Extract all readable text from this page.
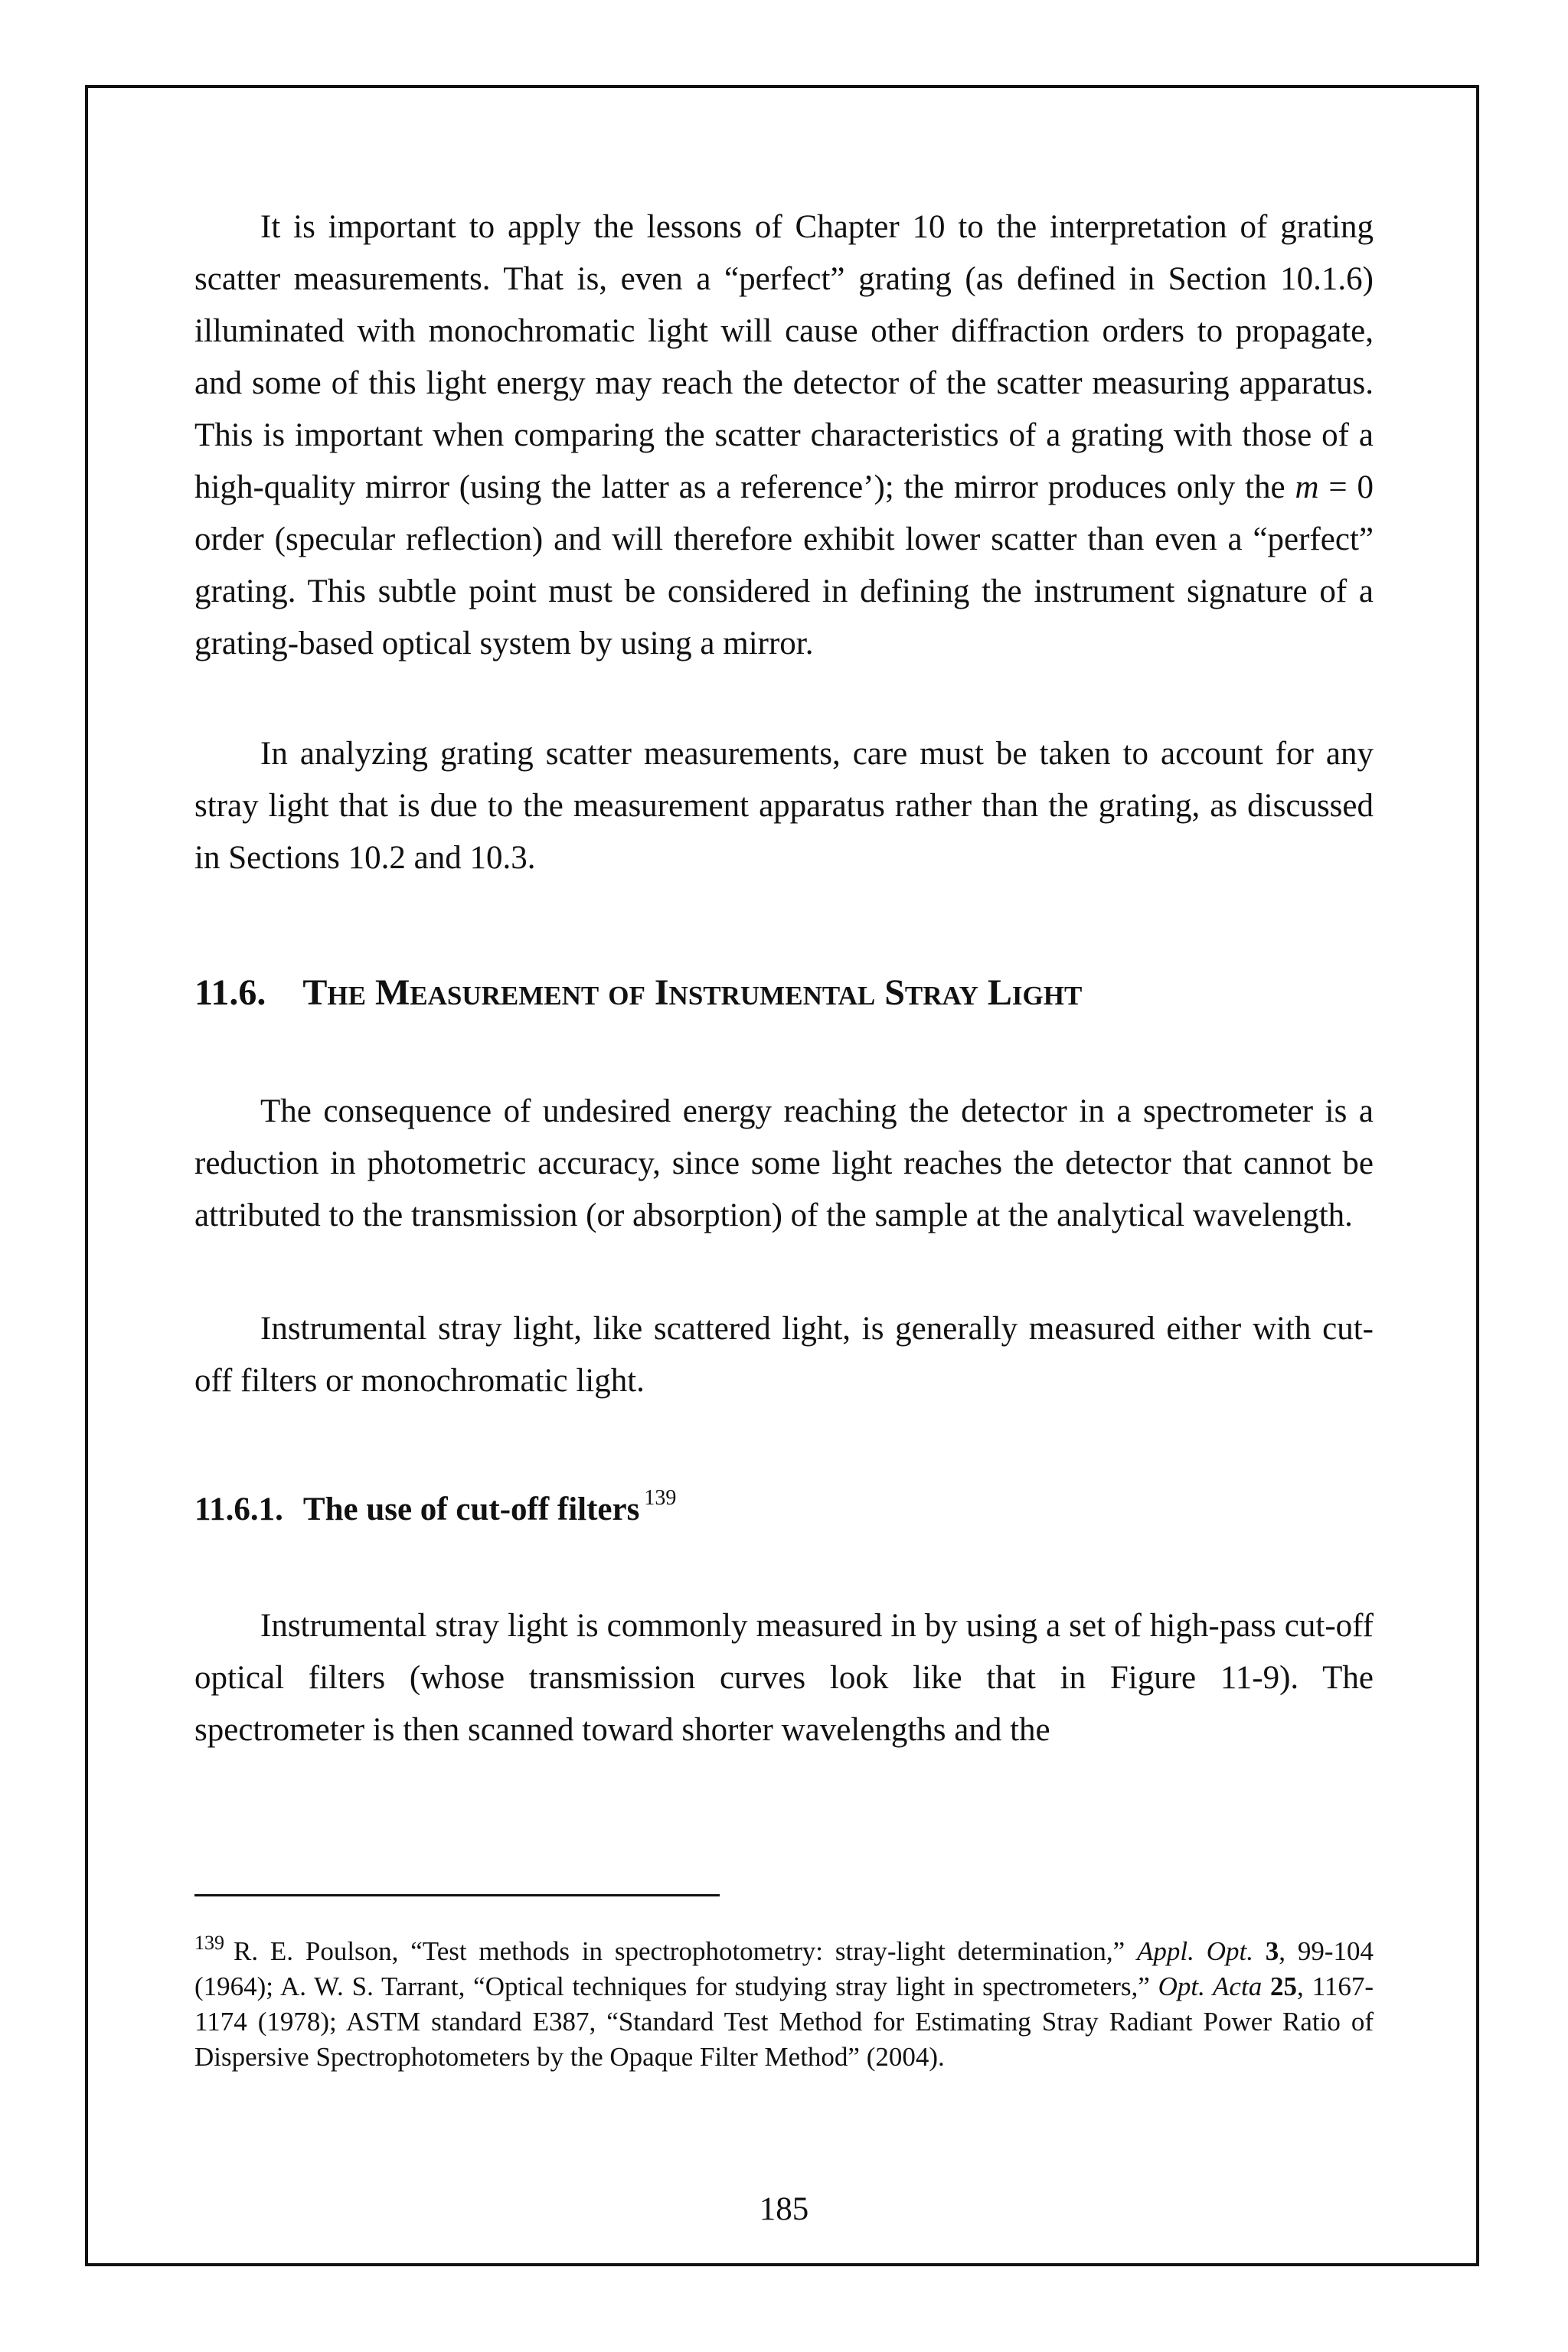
It is important to apply the lessons of Chapter 10 to the interpretation of grating scatter measurements. That is, even a “perfect” grating (as defined in Section 10.1.6) illuminated with monochromatic light will cause other diffraction orders to propagate, and some of this light energy may reach the detector of the scatter measuring apparatus. This is important when comparing the scatter characteristics of a grating with those of a high-quality mirror (using the latter as a reference’); the mirror produces only the m = 0 order (specular reflection) and will therefore exhibit lower scatter than even a “perfect” grating. This subtle point must be considered in defining the instrument signature of a grating-based optical system by using a mirror.

In analyzing grating scatter measurements, care must be taken to account for any stray light that is due to the measurement apparatus rather than the grating, as discussed in Sections 10.2 and 10.3.

11.6. THE MEASUREMENT OF INSTRUMENTAL STRAY LIGHT

The consequence of undesired energy reaching the detector in a spectrometer is a reduction in photometric accuracy, since some light reaches the detector that cannot be attributed to the transmission (or absorption) of the sample at the analytical wavelength.

Instrumental stray light, like scattered light, is generally measured either with cut-off filters or monochromatic light.

11.6.1. The use of cut-off filters $^{139}$

Instrumental stray light is commonly measured in by using a set of high-pass cut-off optical filters (whose transmission curves look like that in Figure 11-9). The spectrometer is then scanned toward shorter wavelengths and the

$^{139}$ R. E. Poulson, “Test methods in spectrophotometry: stray-light determination,” Appl. Opt. 3, 99-104 (1964); A. W. S. Tarrant, “Optical techniques for studying stray light in spectrometers,” Opt. Acta 25, 1167-1174 (1978); ASTM standard E387, “Standard Test Method for Estimating Stray Radiant Power Ratio of Dispersive Spectrophotometers by the Opaque Filter Method” (2004).

185
